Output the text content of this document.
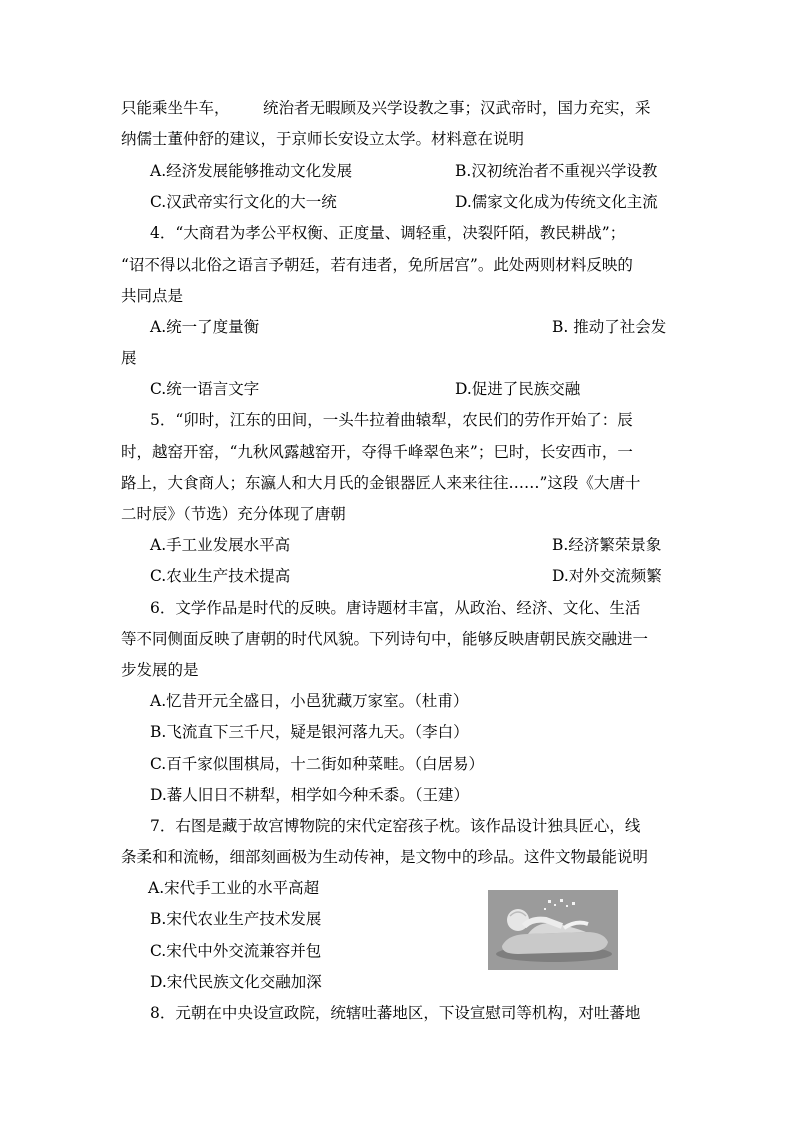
只能乘坐牛车， 统治者无暇顾及兴学设教之事；汉武帝时，国力充实，采
纳儒士董仲舒的建议，于京师长安设立太学。材料意在说明
A.经济发展能够推动文化发展	B.汉初统治者不重视兴学设教
C.汉武帝实行文化的大一统	D.儒家文化成为传统文化主流
4．“大商君为孝公平权衡、正度量、调轻重，决裂阡陌，教民耕战”；
“诏不得以北俗之语言予朝廷，若有违者，免所居宫”。此处两则材料反映的
共同点是
A.统一了度量衡	B. 推动了社会发
展
C.统一语言文字	D.促进了民族交融
5．“卯时，江东的田间，一头牛拉着曲辕犁，农民们的劳作开始了：辰
时，越窑开窑，“九秋风露越窑开，夺得千峰翠色来”；巳时，长安西市，一
路上，大食商人；东瀛人和大月氏的金银器匠人来来往往……”这段《大唐十
二时辰》（节选）充分体现了唐朝
A.手工业发展水平高	B.经济繁荣景象
C.农业生产技术提高	D.对外交流频繁
6．文学作品是时代的反映。唐诗题材丰富，从政治、经济、文化、生活
等不同侧面反映了唐朝的时代风貌。下列诗句中，能够反映唐朝民族交融进一
步发展的是
A.忆昔开元全盛日，小邑犹藏万家室。（杜甫）
B.飞流直下三千尺，疑是银河落九天。（李白）
C.百千家似围棋局，十二街如种菜畦。（白居易）
D.蕃人旧日不耕犁，相学如今种禾黍。（王建）
7．右图是藏于故宫博物院的宋代定窑孩子枕。该作品设计独具匠心，线
条柔和和流畅，细部刻画极为生动传神，是文物中的珍品。这件文物最能说明
A.宋代手工业的水平高超
B.宋代农业生产技术发展
C.宋代中外交流兼容并包
D.宋代民族文化交融加深
8．元朝在中央设宣政院，统辖吐蕃地区，下设宣慰司等机构，对吐蕃地
